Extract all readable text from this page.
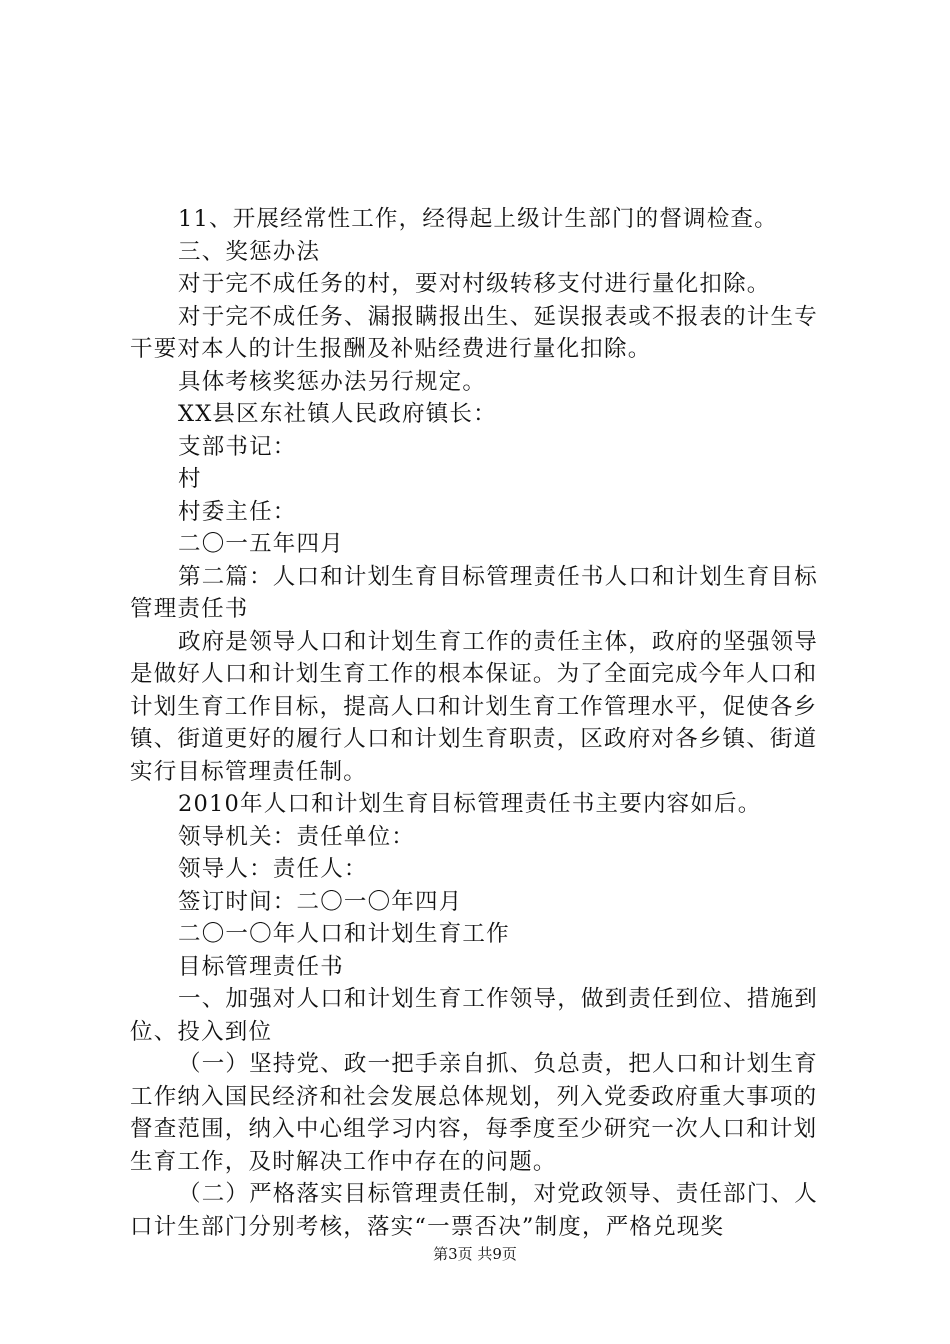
11、开展经常性工作，经得起上级计生部门的督调检查。

三、奖惩办法

对于完不成任务的村，要对村级转移支付进行量化扣除。

对于完不成任务、漏报瞒报出生、延误报表或不报表的计生专干要对本人的计生报酬及补贴经费进行量化扣除。

具体考核奖惩办法另行规定。

XX县区东社镇人民政府镇长：

支部书记：

村

村委主任：

二〇一五年四月

第二篇：人口和计划生育目标管理责任书人口和计划生育目标管理责任书

政府是领导人口和计划生育工作的责任主体，政府的坚强领导是做好人口和计划生育工作的根本保证。为了全面完成今年人口和计划生育工作目标，提高人口和计划生育工作管理水平，促使各乡镇、街道更好的履行人口和计划生育职责，区政府对各乡镇、街道实行目标管理责任制。

2010年人口和计划生育目标管理责任书主要内容如后。

领导机关：责任单位：

领导人：责任人：

签订时间：二〇一〇年四月

二〇一〇年人口和计划生育工作

目标管理责任书

一、加强对人口和计划生育工作领导，做到责任到位、措施到位、投入到位

（一）坚持党、政一把手亲自抓、负总责，把人口和计划生育工作纳入国民经济和社会发展总体规划，列入党委政府重大事项的督查范围，纳入中心组学习内容，每季度至少研究一次人口和计划生育工作，及时解决工作中存在的问题。

（二）严格落实目标管理责任制，对党政领导、责任部门、人口计生部门分别考核，落实“一票否决”制度，严格兑现奖

第3页 共9页
